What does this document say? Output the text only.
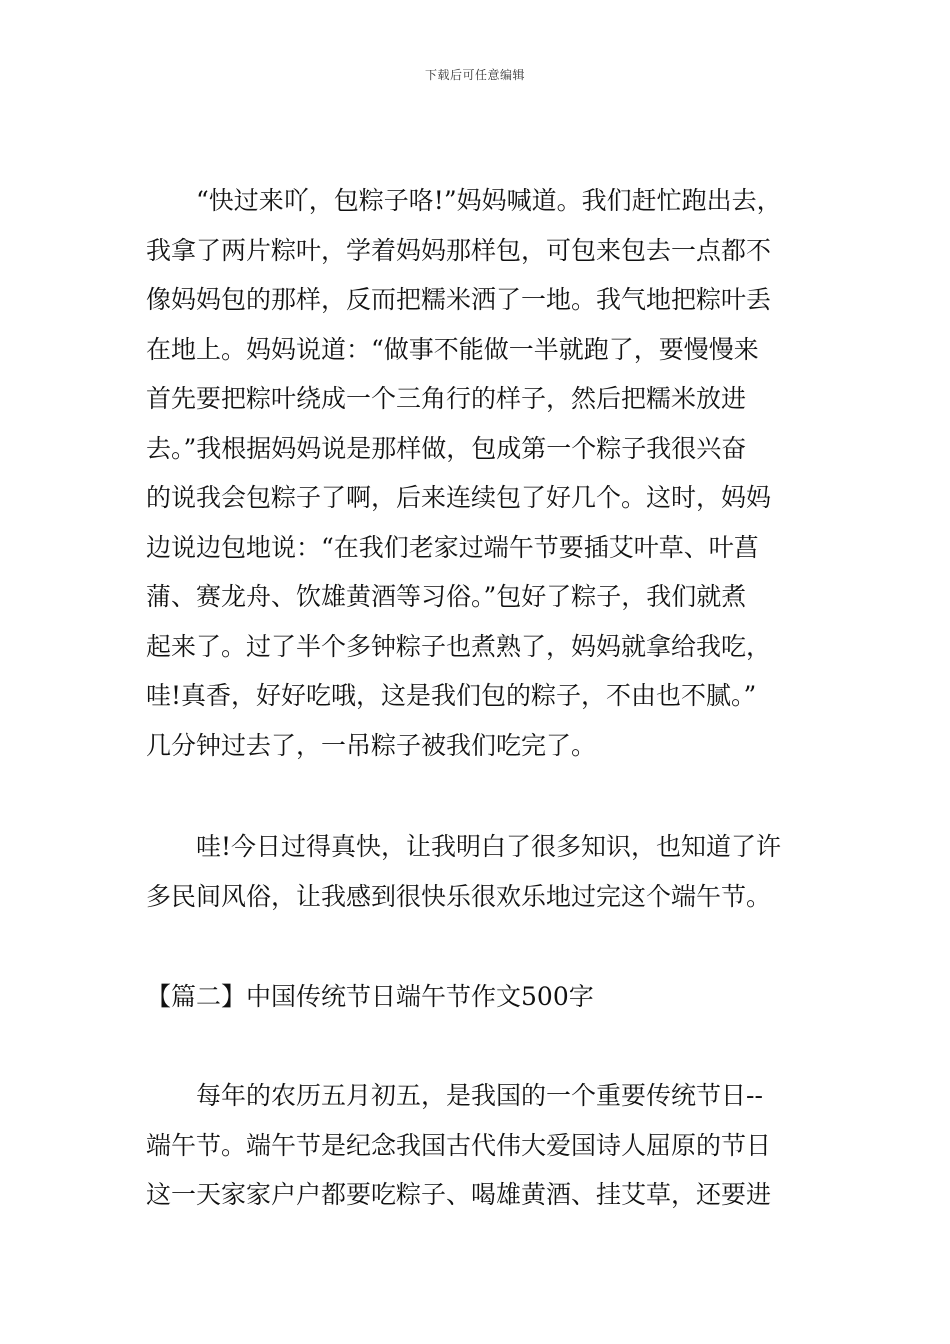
下载后可任意编辑

“快过来吖，包粽子咯!”妈妈喊道。我们赶忙跑出去，
我拿了两片粽叶，学着妈妈那样包，可包来包去一点都不
像妈妈包的那样，反而把糯米洒了一地。我气地把粽叶丢
在地上。妈妈说道：“做事不能做一半就跑了，要慢慢来
首先要把粽叶绕成一个三角行的样子，然后把糯米放进
去。”我根据妈妈说是那样做，包成第一个粽子我很兴奋
的说我会包粽子了啊，后来连续包了好几个。这时，妈妈
边说边包地说：“在我们老家过端午节要插艾叶草、叶菖
蒲、赛龙舟、饮雄黄酒等习俗。”包好了粽子，我们就煮
起来了。过了半个多钟粽子也煮熟了，妈妈就拿给我吃，
哇!真香，好好吃哦，这是我们包的粽子，不由也不腻。”
几分钟过去了，一吊粽子被我们吃完了。

哇!今日过得真快，让我明白了很多知识，也知道了许
多民间风俗，让我感到很快乐很欢乐地过完这个端午节。

【篇二】中国传统节日端午节作文500字

每年的农历五月初五，是我国的一个重要传统节日--
端午节。端午节是纪念我国古代伟大爱国诗人屈原的节日
这一天家家户户都要吃粽子、喝雄黄酒、挂艾草，还要进
